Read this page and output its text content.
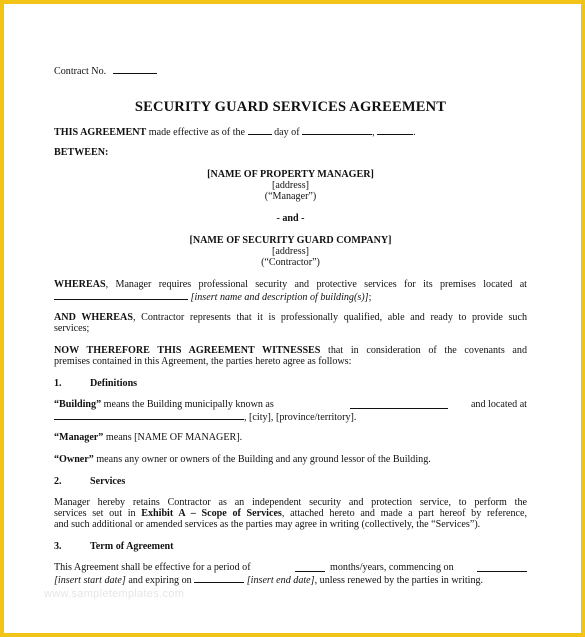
Contract No.
SECURITY GUARD SERVICES AGREEMENT
THIS AGREEMENT made effective as of the  day of	,	.
BETWEEN:
[NAME OF PROPERTY MANAGER]
[address]
(“Manager”)
- and -
[NAME OF SECURITY GUARD COMPANY]
[address]
(“Contractor”)
WHEREAS, Manager requires professional security and protective services for its premises located at
[insert name and description of building(s)];
AND WHEREAS, Contractor represents that it is professionally qualified, able and ready to provide such
services;
NOW THEREFORE THIS AGREEMENT WITNESSES that in consideration of the covenants and
premises contained in this Agreement, the parties hereto agree as follows:
1.	Definitions
“Building” means the Building municipally known as	and located at
, [city], [province/territory].
“Manager” means [NAME OF MANAGER].
“Owner” means any owner or owners of the Building and any ground lessor of the Building.
2.	Services
Manager hereby retains Contractor as an independent security and protection service, to perform the
services set out in Exhibit A – Scope of Services, attached hereto and made a part hereof by reference,
and such additional or amended services as the parties may agree in writing (collectively, the “Services”).
3.	Term of Agreement
This Agreement shall be effective for a period of	months/years, commencing on
[insert start date] and expiring on	[insert end date], unless renewed by the parties in writing.
www.sampletemplates.com
